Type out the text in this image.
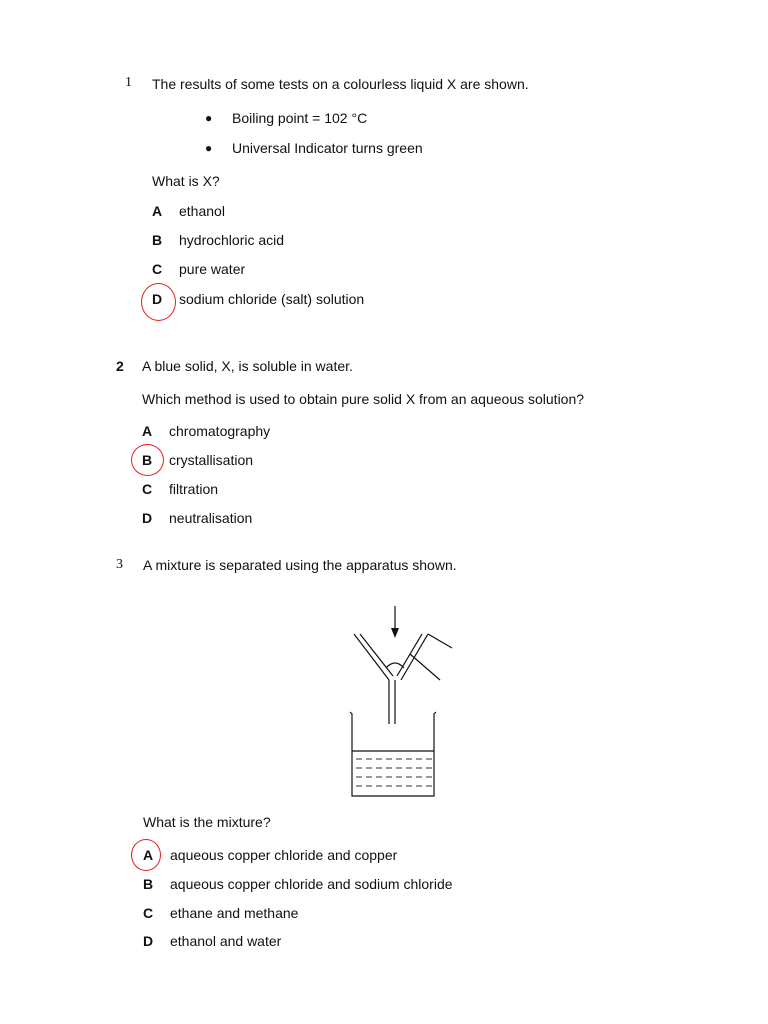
1 The results of some tests on a colourless liquid X are shown.
● Boiling point = 102 °C
● Universal Indicator turns green
What is X?
A ethanol
B hydrochloric acid
C pure water
D sodium chloride (salt) solution
2 A blue solid, X, is soluble in water.
Which method is used to obtain pure solid X from an aqueous solution?
A chromatography
B crystallisation
C filtration
D neutralisation
3 A mixture is separated using the apparatus shown.
What is the mixture?
A aqueous copper chloride and copper
B aqueous copper chloride and sodium chloride
C ethane and methane
D ethanol and water
